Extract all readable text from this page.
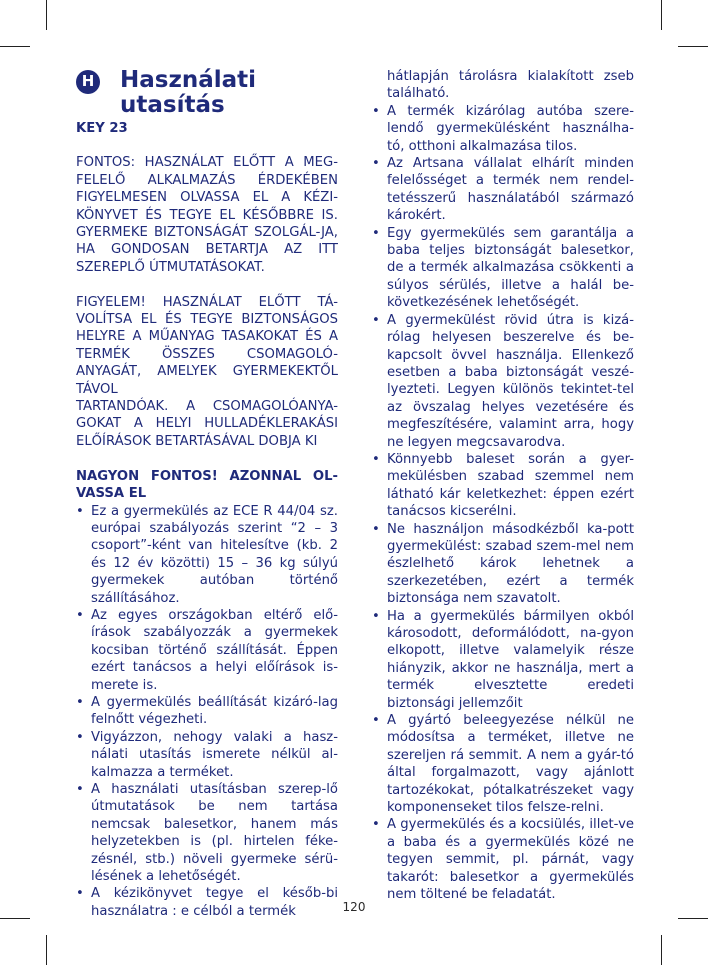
H Használati utasítás

KEY 23

FONTOS: HASZNÁLAT ELŐTT A MEG-FELELŐ ALKALMAZÁS ÉRDEKÉBEN FIGYELMESEN OLVASSA EL A KÉZI-KÖNYVET ÉS TEGYE EL KÉSŐBBRE IS. GYERMEKE BIZTONSÁGÁT SZOLGÁL-JA, HA GONDOSAN BETARTJA AZ ITT SZEREPLŐ ÚTMUTATÁSOKAT.

FIGYELEM! HASZNÁLAT ELŐTT TÁ-VOLÍTSA EL ÉS TEGYE BIZTONSÁGOS HELYRE A MŰANYAG TASAKOKAT ÉS A TERMÉK ÖSSZES CSOMAGOLÓ-ANYAGÁT, AMELYEK GYERMEKEKTŐL TÁVOL

TARTANDÓAK. A CSOMAGOLÓANYA-GOKAT A HELYI HULLADÉKLERAKÁSI ELŐÍRÁSOK BETARTÁSÁVAL DOBJA KI

NAGYON FONTOS! AZONNAL OL-VASSA EL

• Ez a gyermekülés az ECE R 44/04 sz. európai szabályozás szerint “2 – 3 csoport”-ként van hitelesítve (kb. 2 és 12 év közötti) 15 – 36 kg súlyú gyermekek autóban történő szállításához.
• Az egyes országokban eltérő elő-írások szabályozzák a gyermekek kocsiban történő szállítását. Éppen ezért tanácsos a helyi előírások is-merete is.
• A gyermekülés beállítását kizáró-lag felnőtt végezheti.
• Vigyázzon, nehogy valaki a hasz-nálati utasítás ismerete nélkül al-kalmazza a terméket.
• A használati utasításban szerep-lő útmutatások be nem tartása nemcsak balesetkor, hanem más helyzetekben is (pl. hirtelen féke-zésnél, stb.) növeli gyermeke sérü-lésének a lehetőségét.
• A kézikönyvet tegye el későb-bi használatra : e célból a termék

hátlapján tárolásra kialakított zseb található.

• A termék kizárólag autóba szere-lendő gyermekülésként használha-tó, otthoni alkalmazása tilos.
• Az Artsana vállalat elhárít minden felelősséget a termék nem rendel-tetésszerű használatából származó károkért.
• Egy gyermekülés sem garantálja a baba teljes biztonságát balesetkor, de a termék alkalmazása csökkenti a súlyos sérülés, illetve a halál be-következésének lehetőségét.
• A gyermekülést rövid útra is kizá-rólag helyesen beszerelve és be-kapcsolt övvel használja. Ellenkező esetben a baba biztonságát veszé-lyezteti. Legyen különös tekintet-tel az övszalag helyes vezetésére és megfeszítésére, valamint arra, hogy ne legyen megcsavarodva.
• Könnyebb baleset során a gyer-mekülésben szabad szemmel nem látható kár keletkezhet: éppen ezért tanácsos kicserélni.
• Ne használjon másodkézből ka-pott gyermekülést: szabad szem-mel nem észlelhető károk lehetnek a szerkezetében, ezért a termék biztonsága nem szavatolt.
• Ha a gyermekülés bármilyen okból károsodott, deformálódott, na-gyon elkopott, illetve valamelyik része hiányzik, akkor ne használja, mert a termék elvesztette eredeti biztonsági jellemzőit
• A gyártó beleegyezése nélkül ne módosítsa a terméket, illetve ne szereljen rá semmit. A nem a gyár-tó által forgalmazott, vagy ajánlott tartozékokat, pótalkatrészeket vagy komponenseket tilos felsze-relni.
• A gyermekülés és a kocsiülés, illet-ve a baba és a gyermekülés közé ne tegyen semmit, pl. párnát, vagy takarót: balesetkor a gyermekülés nem töltené be feladatát.
120
